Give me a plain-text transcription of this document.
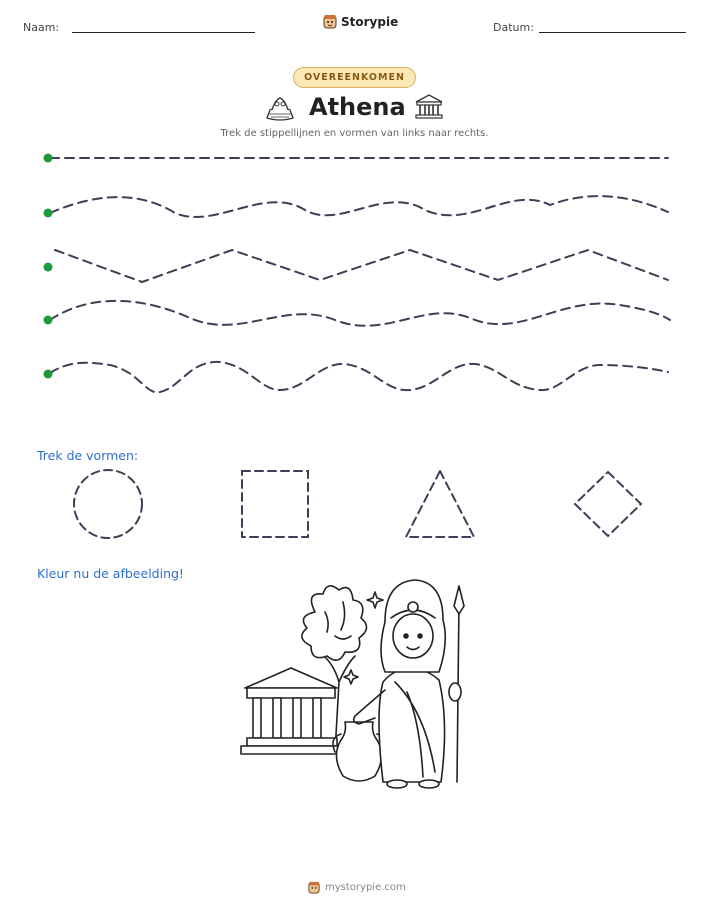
Naam:	Storypie	Datum:
OVEREENKOMEN
Athena
Trek de stippellijnen en vormen van links naar rechts.
Trek de vormen:
Kleur nu de afbeelding!
mystorypie.com
